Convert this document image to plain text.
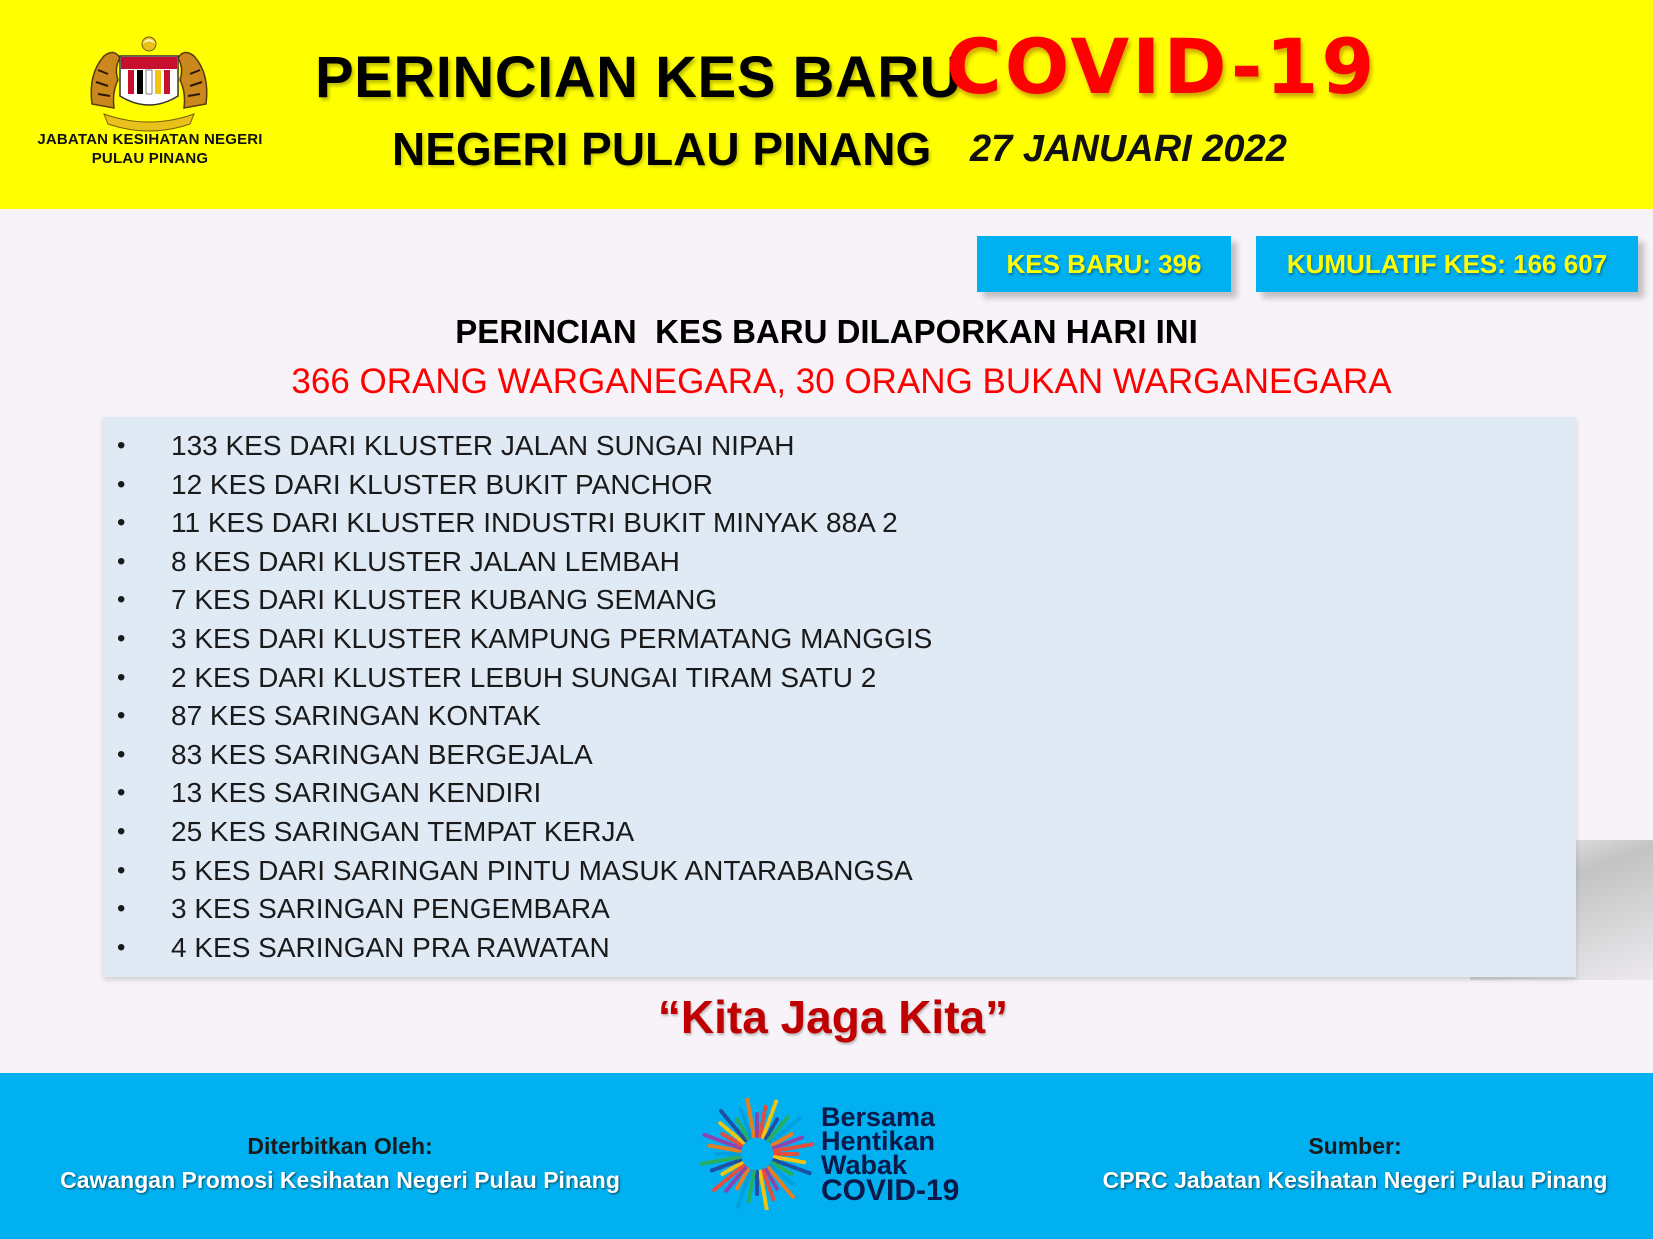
JABATAN KESIHATAN NEGERI
PULAU PINANG
PERINCIAN KES BARU
COVID-19
NEGERI PULAU PINANG 27 JANUARI 2022
KES BARU: 396	KUMULATIF KES: 166 607
PERINCIAN  KES BARU DILAPORKAN HARI INI
366 ORANG WARGANEGARA, 30 ORANG BUKAN WARGANEGARA
• 133 KES DARI KLUSTER JALAN SUNGAI NIPAH
• 12 KES DARI KLUSTER BUKIT PANCHOR
• 11 KES DARI KLUSTER INDUSTRI BUKIT MINYAK 88A 2
• 8 KES DARI KLUSTER JALAN LEMBAH
• 7 KES DARI KLUSTER KUBANG SEMANG
• 3 KES DARI KLUSTER KAMPUNG PERMATANG MANGGIS
• 2 KES DARI KLUSTER LEBUH SUNGAI TIRAM SATU 2
• 87 KES SARINGAN KONTAK
• 83 KES SARINGAN BERGEJALA
• 13 KES SARINGAN KENDIRI
• 25 KES SARINGAN TEMPAT KERJA
• 5 KES DARI SARINGAN PINTU MASUK ANTARABANGSA
• 3 KES SARINGAN PENGEMBARA
• 4 KES SARINGAN PRA RAWATAN
“Kita Jaga Kita”
Diterbitkan Oleh:
Cawangan Promosi Kesihatan Negeri Pulau Pinang
Sumber:
CPRC Jabatan Kesihatan Negeri Pulau Pinang
Bersama
Hentikan
Wabak
COVID-19
